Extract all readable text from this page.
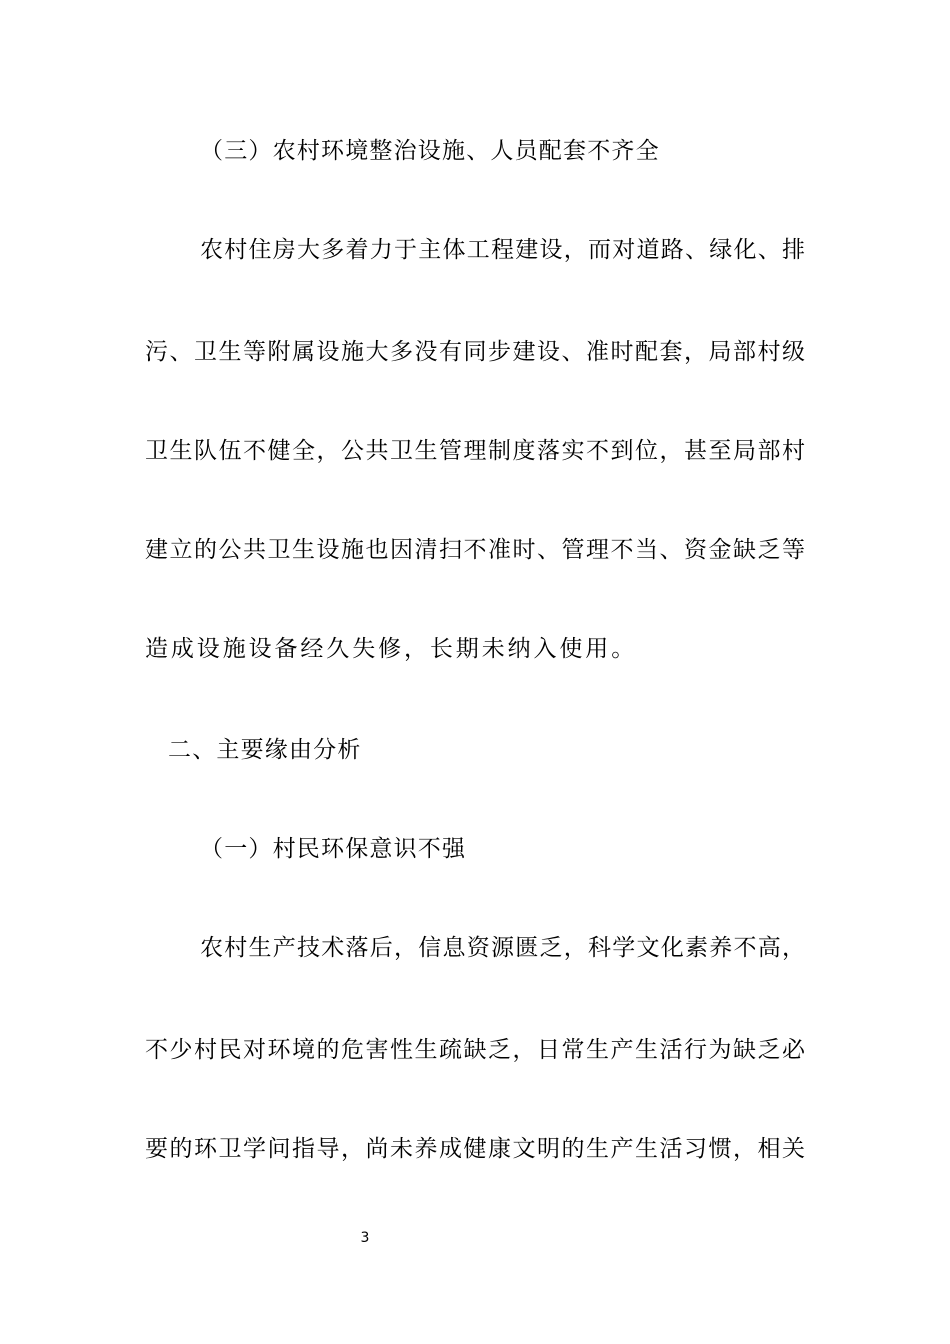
（三）农村环境整治设施、人员配套不齐全
农村住房大多着力于主体工程建设，而对道路、绿化、排
污、卫生等附属设施大多没有同步建设、准时配套，局部村级
卫生队伍不健全，公共卫生管理制度落实不到位，甚至局部村
建立的公共卫生设施也因清扫不准时、管理不当、资金缺乏等
造成设施设备经久失修，长期未纳入使用。
二、主要缘由分析
（一）村民环保意识不强
农村生产技术落后，信息资源匮乏，科学文化素养不高，
不少村民对环境的危害性生疏缺乏，日常生产生活行为缺乏必
要的环卫学问指导，尚未养成健康文明的生产生活习惯，相关
3
